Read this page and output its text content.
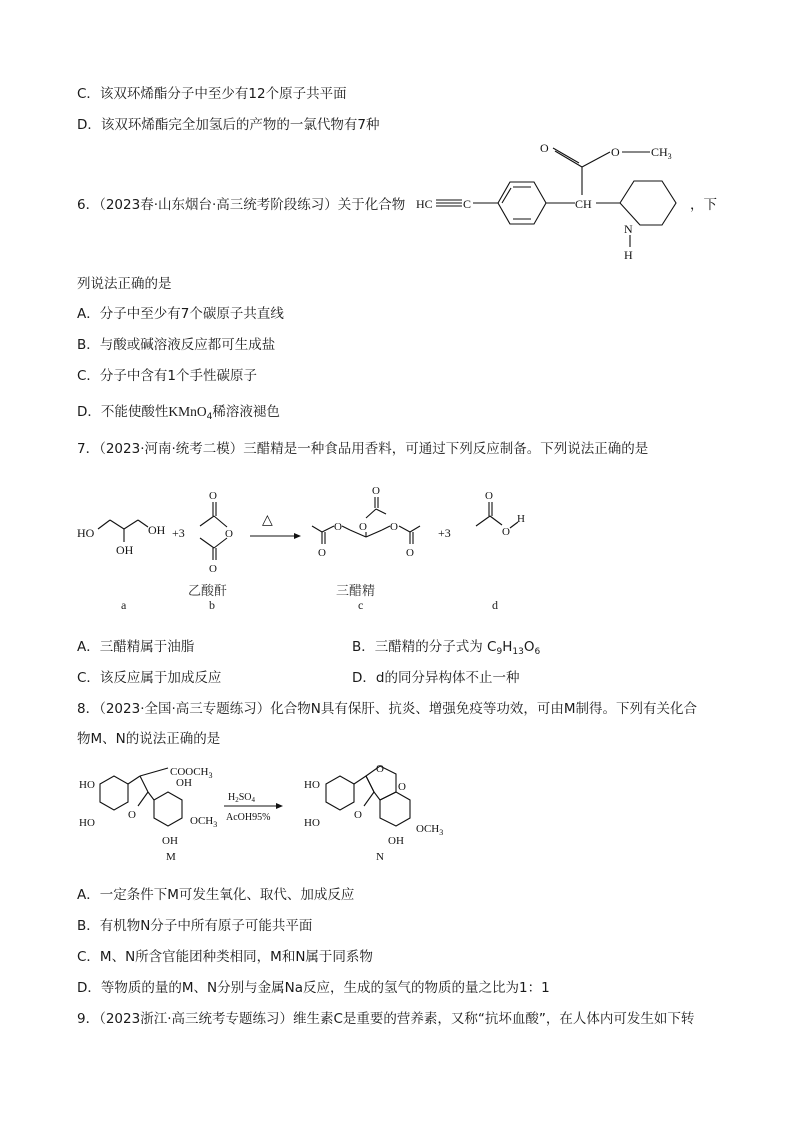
C．该双环烯酯分子中至少有12个原子共平面
D．该双环烯酯完全加氢后的产物的一氯代物有7种
6．（2023春·山东烟台·高三统考阶段练习）关于化合物 HC	C	CH
O	O	$CH_3$
N
H
，下
列说法正确的是
A．分子中至少有7个碳原子共直线
B．与酸或碱溶液反应都可生成盐
C．分子中含有1个手性碳原子
D．不能使酸性KMnO$_4$稀溶液褪色
7．（2023·河南·统考二模）三醋精是一种食品用香料，可通过下列反应制备。下列说法正确的是
HO
OH
OH +3
O
O
O
△
O
O
O
O
O
O
+3
O
O
H
乙酸酐	三醋精
a	b	c	d
A．三醋精属于油脂	B．三醋精的分子式为 $C_9H_{13}O_6$
C．该反应属于加成反应	D．d的同分异构体不止一种
8．（2023·全国·高三专题练习）化合物N具有保肝、抗炎、增强免疫等功效，可由M制得。下列有关化合
物M、N的说法正确的是
HO
HO
O
$COOCH_3$
OH
OH
$OCH_3$
M
$H_2SO_4$
AcOH95%
HO
HO
O
O
O
OH
$OCH_3$
N
A．一定条件下M可发生氧化、取代、加成反应
B．有机物N分子中所有原子可能共平面
C．M、N所含官能团种类相同，M和N属于同系物
D．等物质的量的M、N分别与金属Na反应，生成的氢气的物质的量之比为1：1
9．（2023浙江·高三统考专题练习）维生素C是重要的营养素，又称“抗坏血酸”，在人体内可发生如下转
